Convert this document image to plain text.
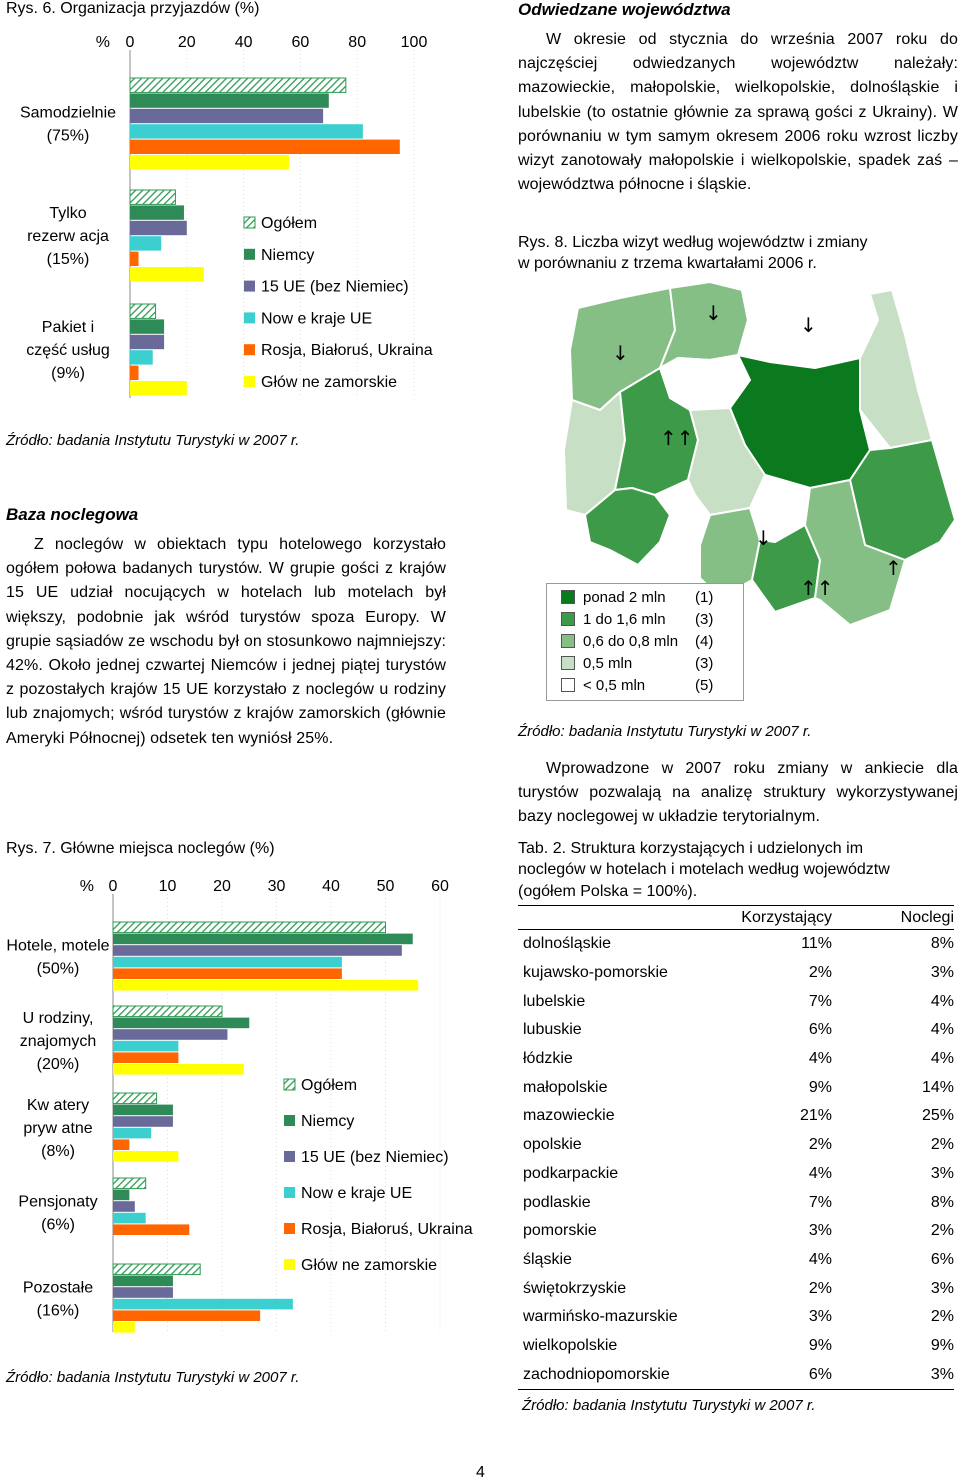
Rys. 6. Organizacja przyjazdów (%)
0	20 40 60 80 100
%
Samodzielnie (75%)
Tylko rezerw acja (15%)
Pakiet i część usług (9%)
Ogółem
Niemcy
15 UE (bez Niemiec)
Now e kraje UE
Rosja, Białoruś, Ukraina
Głów ne zamorskie
Źródło: badania Instytutu Turystyki w 2007 r.
Odwiedzane województwa
W okresie od stycznia do września 2007 roku do najczęściej odwiedzanych województw należały: mazowieckie, małopolskie, wielkopolskie, dolnośląskie i lubelskie (to ostatnie głównie za sprawą gości z Ukrainy). W porównaniu w tym samym okresem 2006 roku wzrost liczby wizyt zanotowały małopolskie i wielkopolskie, spadek zaś – województwa północne i śląskie.
Rys. 8. Liczba wizyt według województw i zmiany
w porównaniu z trzema kwartałami 2006 r.
↓
↓	↓
↑↑
↓
↑↑
↑
ponad 2 mln	(1)
1 do 1,6 mln	(3)
0,6 do 0,8 mln	(4)
0,5 mln	(3)
< 0,5 mln	(5)
Źródło: badania Instytutu Turystyki w 2007 r.
Wprowadzone w 2007 roku zmiany w ankiecie dla turystów pozwalają na analizę struktury wykorzystywanej bazy noclegowej w układzie terytorialnym.
Baza noclegowa
Z noclegów w obiektach typu hotelowego korzystało ogółem połowa badanych turystów. W grupie gości z krajów 15 UE udział nocujących w hotelach lub motelach był większy, podobnie jak wśród turystów spoza Europy. W grupie sąsiadów ze wschodu był on stosunkowo najmniejszy: 42%. Około jednej czwartej Niemców i jednej piątej turystów z pozostałych krajów 15 UE korzystało z noclegów u rodziny lub znajomych; wśród turystów z krajów zamorskich (głównie Ameryki Północnej) odsetek ten wyniósł 25%.
Rys. 7. Główne miejsca noclegów (%)
0	10 20 30 40 50 60
%
Hotele, motele (50%)
U rodziny, znajomych (20%)
Kw atery pryw atne (8%)
Pensjonaty (6%)
Pozostałe (16%)
Ogółem
Niemcy
15 UE (bez Niemiec)
Now e kraje UE
Rosja, Białoruś, Ukraina
Głów ne zamorskie
Źródło: badania Instytutu Turystyki w 2007 r.
Tab. 2. Struktura korzystających i udzielonych im
noclegów w hotelach i motelach według województw
(ogółem Polska = 100%).
	Korzystający	Noclegi
dolnośląskie	11%	8%
kujawsko-pomorskie	2%	3%
lubelskie	7%	4%
lubuskie	6%	4%
łódzkie	4%	4%
małopolskie	9%	14%
mazowieckie	21%	25%
opolskie	2%	2%
podkarpackie	4%	3%
podlaskie	7%	8%
pomorskie	3%	2%
śląskie	4%	6%
świętokrzyskie	2%	3%
warmińsko-mazurskie	3%	2%
wielkopolskie	9%	9%
zachodniopomorskie	6%	3%
Źródło: badania Instytutu Turystyki w 2007 r.
4
